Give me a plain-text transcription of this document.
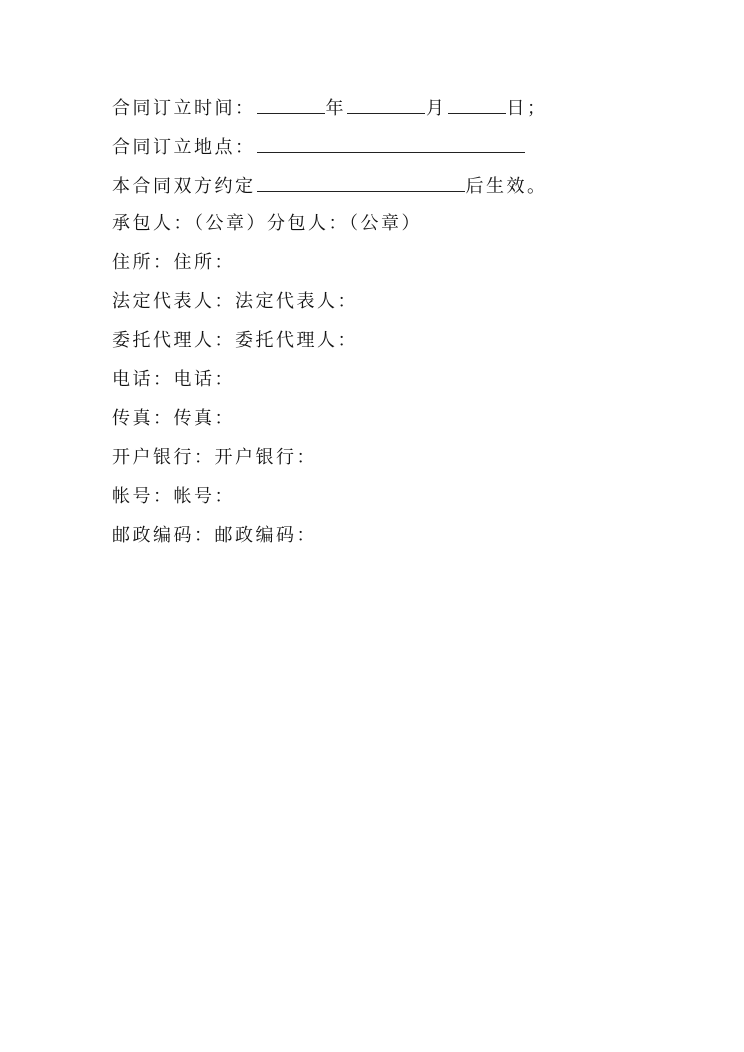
合同订立时间：	年	月	日；
合同订立地点：
本合同双方约定	后生效。
承包人：（公章）分包人：（公章）
住所：住所：
法定代表人：法定代表人：
委托代理人：委托代理人：
电话：电话：
传真：传真：
开户银行：开户银行：
帐号：帐号：
邮政编码：邮政编码：
